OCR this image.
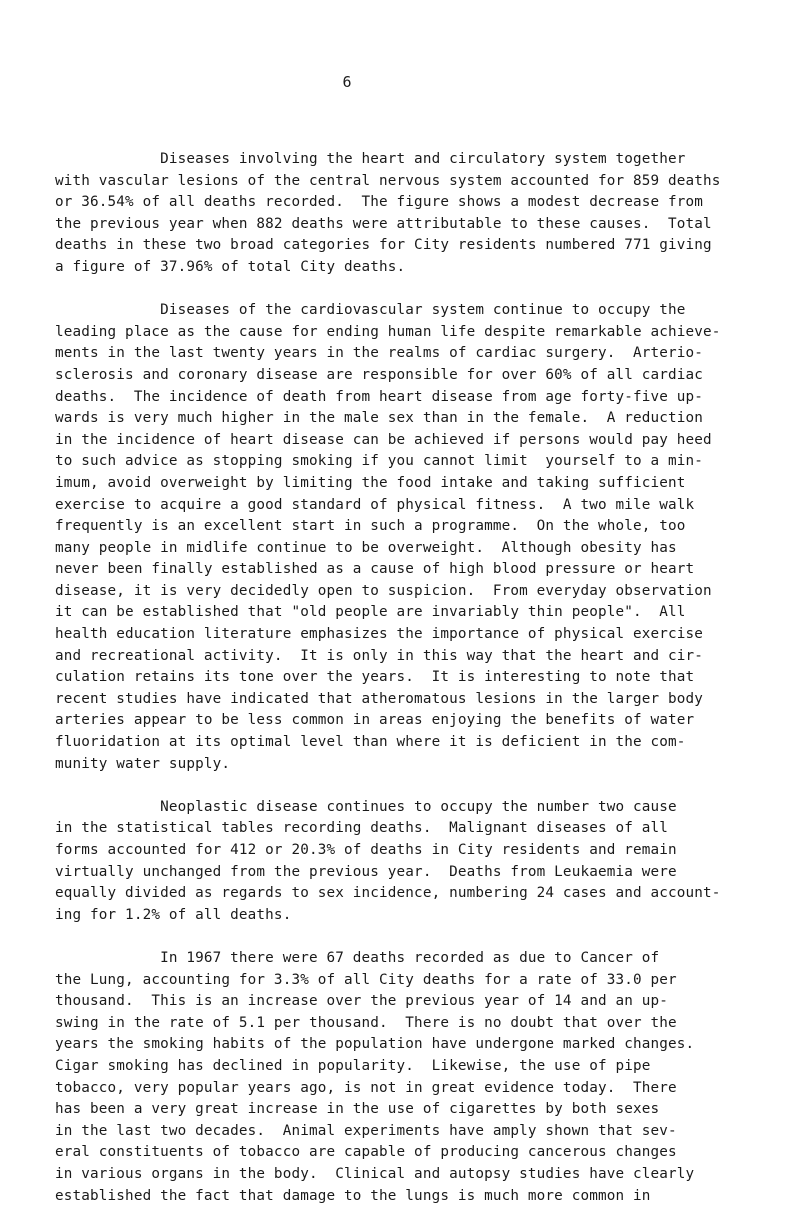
6
Diseases involving the heart and circulatory system together
with vascular lesions of the central nervous system accounted for 859 deaths
or 36.54% of all deaths recorded.  The figure shows a modest decrease from
the previous year when 882 deaths were attributable to these causes.  Total
deaths in these two broad categories for City residents numbered 771 giving
a figure of 37.96% of total City deaths.
Diseases of the cardiovascular system continue to occupy the
leading place as the cause for ending human life despite remarkable achieve-
ments in the last twenty years in the realms of cardiac surgery.  Arterio-
sclerosis and coronary disease are responsible for over 60% of all cardiac
deaths.  The incidence of death from heart disease from age forty-five up-
wards is very much higher in the male sex than in the female.  A reduction
in the incidence of heart disease can be achieved if persons would pay heed
to such advice as stopping smoking if you cannot limit  yourself to a min-
imum, avoid overweight by limiting the food intake and taking sufficient
exercise to acquire a good standard of physical fitness.  A two mile walk
frequently is an excellent start in such a programme.  On the whole, too
many people in midlife continue to be overweight.  Although obesity has
never been finally established as a cause of high blood pressure or heart
disease, it is very decidedly open to suspicion.  From everyday observation
it can be established that "old people are invariably thin people".  All
health education literature emphasizes the importance of physical exercise
and recreational activity.  It is only in this way that the heart and cir-
culation retains its tone over the years.  It is interesting to note that
recent studies have indicated that atheromatous lesions in the larger body
arteries appear to be less common in areas enjoying the benefits of water
fluoridation at its optimal level than where it is deficient in the com-
munity water supply.
Neoplastic disease continues to occupy the number two cause
in the statistical tables recording deaths.  Malignant diseases of all
forms accounted for 412 or 20.3% of deaths in City residents and remain
virtually unchanged from the previous year.  Deaths from Leukaemia were
equally divided as regards to sex incidence, numbering 24 cases and account-
ing for 1.2% of all deaths.
In 1967 there were 67 deaths recorded as due to Cancer of
the Lung, accounting for 3.3% of all City deaths for a rate of 33.0 per
thousand.  This is an increase over the previous year of 14 and an up-
swing in the rate of 5.1 per thousand.  There is no doubt that over the
years the smoking habits of the population have undergone marked changes.
Cigar smoking has declined in popularity.  Likewise, the use of pipe
tobacco, very popular years ago, is not in great evidence today.  There
has been a very great increase in the use of cigarettes by both sexes
in the last two decades.  Animal experiments have amply shown that sev-
eral constituents of tobacco are capable of producing cancerous changes
in various organs in the body.  Clinical and autopsy studies have clearly
established the fact that damage to the lungs is much more common in
